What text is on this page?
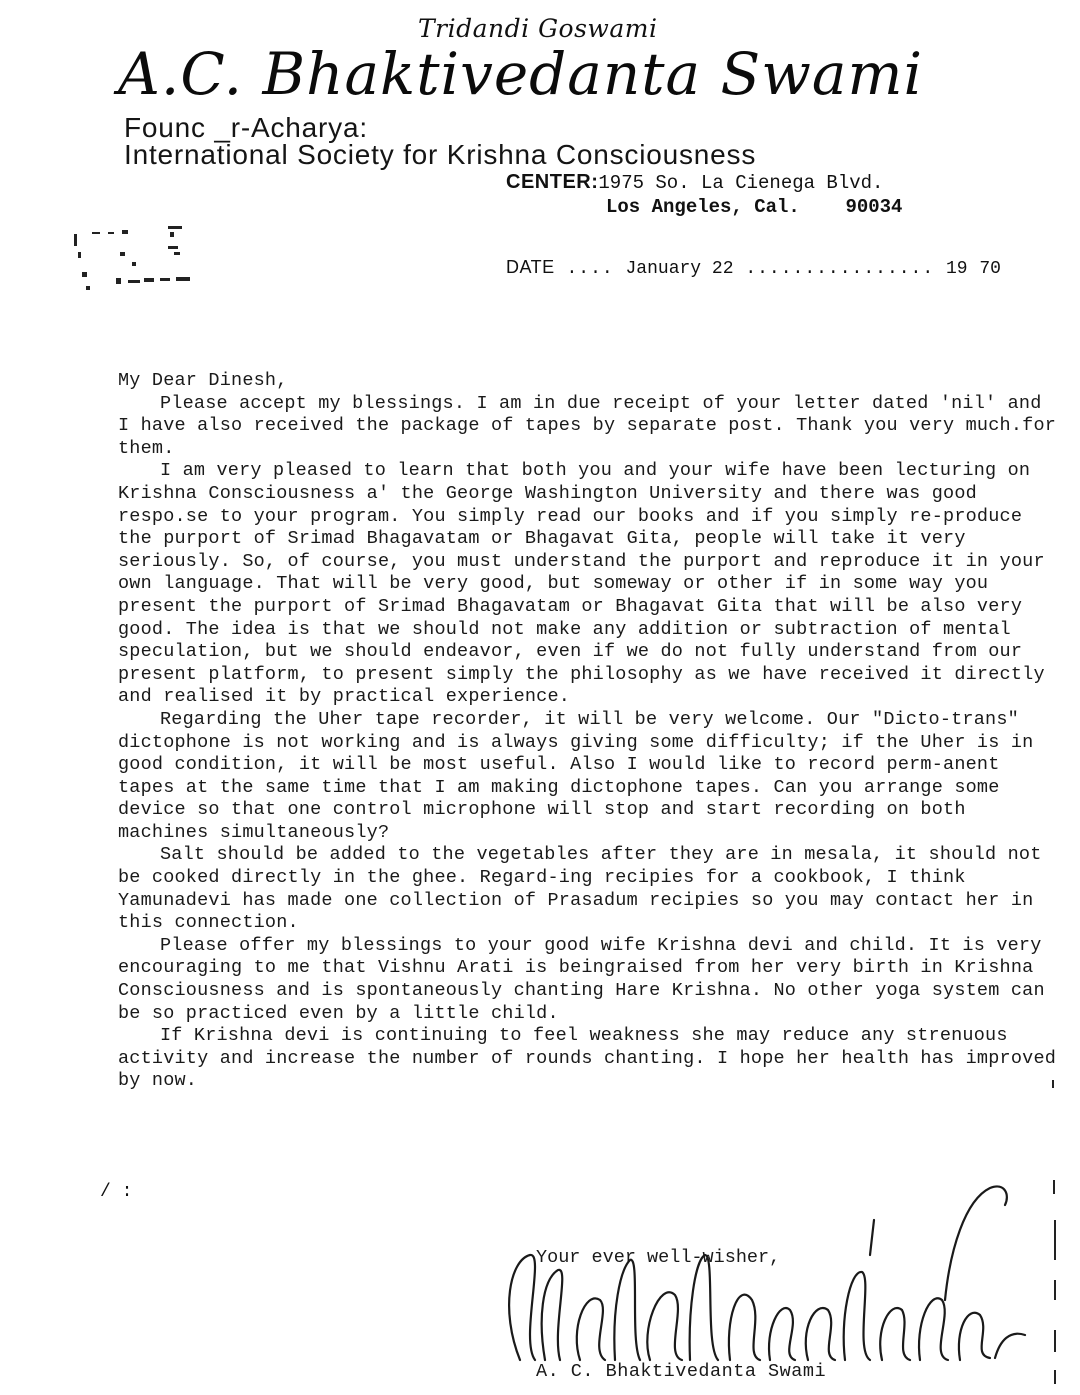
Tridandi Goswami
A.C. Bhaktivedanta Swami
Founc _r-Acharya:
International Society for Krishna Consciousness
CENTER:1975 So. La Cienega Blvd.
Los Angeles, Cal. 90034
DATE .... January 22 ................ 19 70

My Dear Dinesh,

Please accept my blessings. I am in due receipt of your letter dated 'nil' and I have also received the package of tapes by separate post. Thank you very much.for them.

I am very pleased to learn that both you and your wife have been lecturing on Krishna Consciousness a' the George Washington University and there was good respo.se to your program. You simply read our books and if you simply re-produce the purport of Srimad Bhagavatam or Bhagavat Gita, people will take it very seriously. So, of course, you must understand the purport and reproduce it in your own language. That will be very good, but someway or other if in some way you present the purport of Srimad Bhagavatam or Bhagavat Gita that will be also very good. The idea is that we should not make any addition or subtraction of mental speculation, but we should endeavor, even if we do not fully understand from our present platform, to present simply the philosophy as we have received it directly and realised it by practical experience.

Regarding the Uher tape recorder, it will be very welcome. Our "Dicto-trans" dictophone is not working and is always giving some difficulty; if the Uher is in good condition, it will be most useful. Also I would like to record perm-anent tapes at the same time that I am making dictophone tapes. Can you arrange some device so that one control microphone will stop and start recording on both machines simultaneously?

Salt should be added to the vegetables after they are in mesala, it should not be cooked directly in the ghee. Regard-ing recipies for a cookbook, I think Yamunadevi has made one collection of Prasadum recipies so you may contact her in this connection.

Please offer my blessings to your good wife Krishna devi and child. It is very encouraging to me that Vishnu Arati is beingraised from her very birth in Krishna Consciousness and is spontaneously chanting Hare Krishna. No other yoga system can be so practiced even by a little child.

If Krishna devi is continuing to feel weakness she may reduce any strenuous activity and increase the number of rounds chanting. I hope her health has improved by now.

/ :
Your ever well-wisher,
A. C. Bhaktivedanta Swami
